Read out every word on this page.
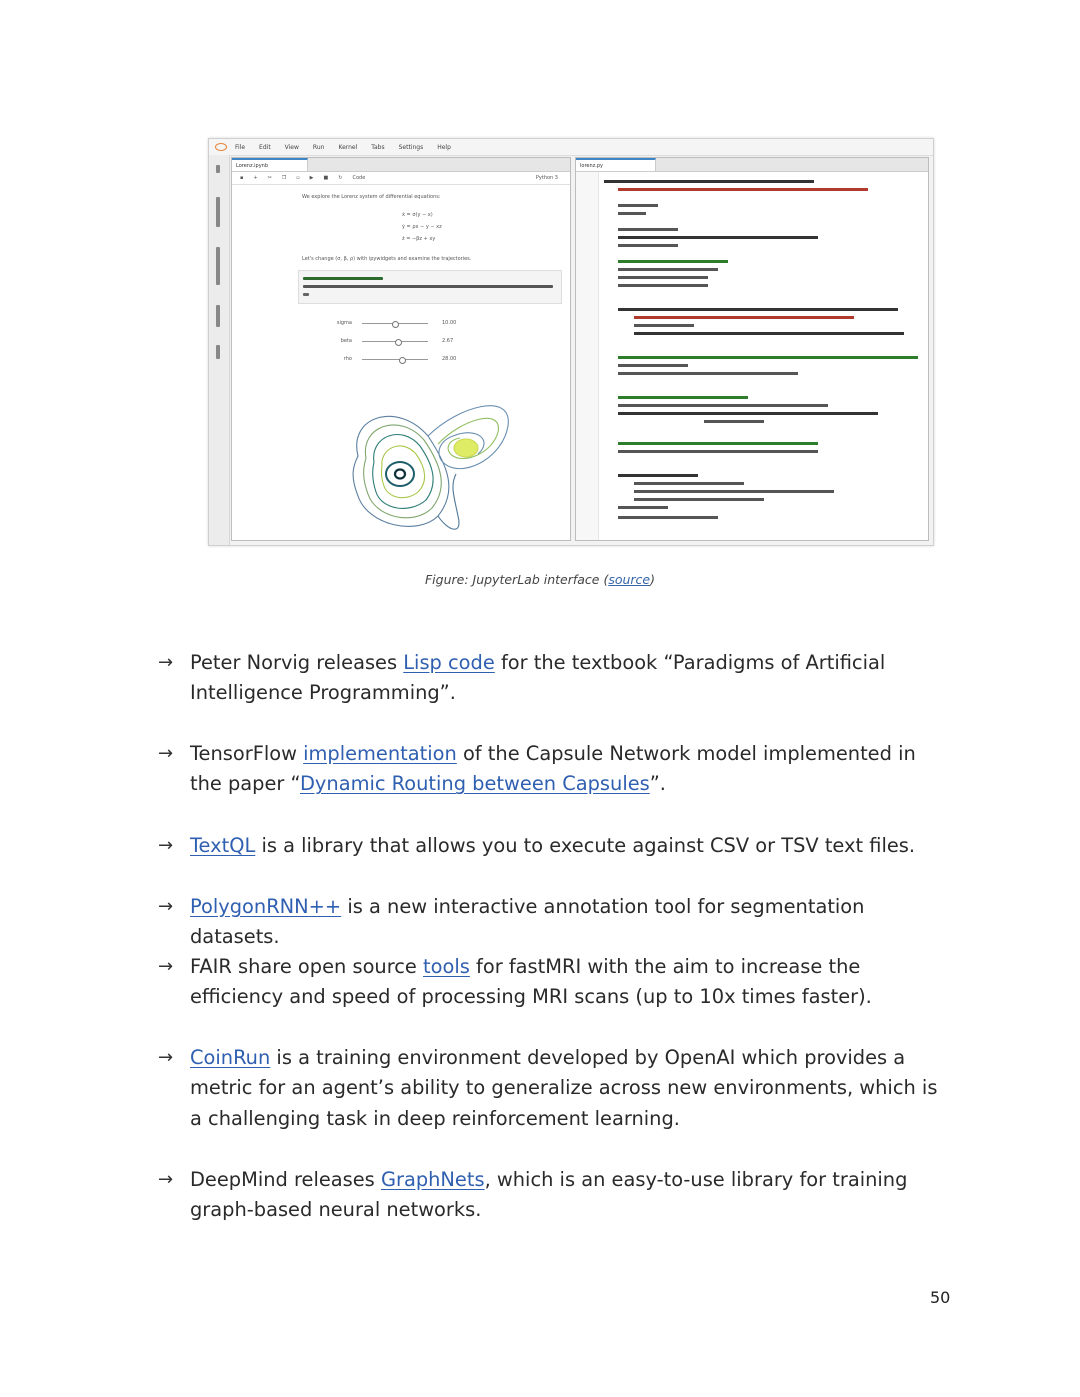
File Edit View Run Kernel Tabs Settings Help
Lorenz.ipynb
▪ + ✂ ❐ ▫ ▶ ■ ↻ Code	Python 3
We explore the Lorenz system of differential equations:
ẋ = σ(y − x)
ẏ = ρx − y − xz
ż = −βz + xy
Let's change (σ, β, ρ) with ipywidgets and examine the trajectories.
sigma	10.00
beta	2.67
rho	28.00
lorenz.py
Figure: JupyterLab interface (source)
→ Peter Norvig releases Lisp code for the textbook “Paradigms of Artificial Intelligence Programming”.
→ TensorFlow implementation of the Capsule Network model implemented in the paper “Dynamic Routing between Capsules”.
→ TextQL is a library that allows you to execute against CSV or TSV text files.
→ PolygonRNN++ is a new interactive annotation tool for segmentation datasets.
→ FAIR share open source tools for fastMRI with the aim to increase the efficiency and speed of processing MRI scans (up to 10x times faster).
→ CoinRun is a training environment developed by OpenAI which provides a metric for an agent’s ability to generalize across new environments, which is a challenging task in deep reinforcement learning.
→ DeepMind releases GraphNets, which is an easy-to-use library for training graph-based neural networks.
50
